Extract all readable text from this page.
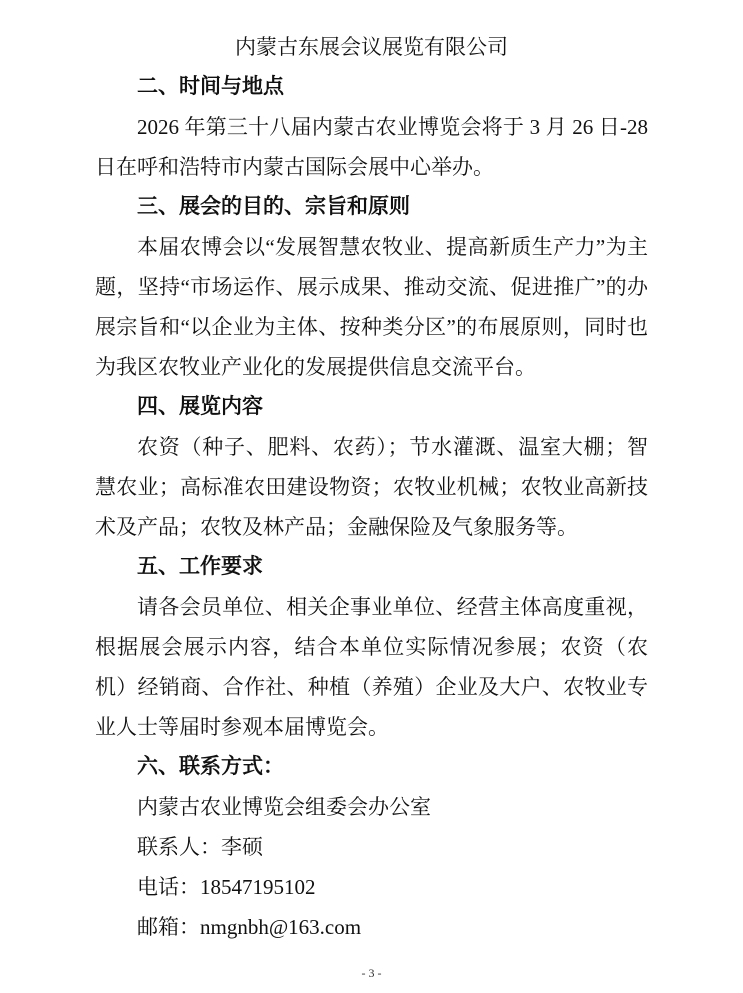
内蒙古东展会议展览有限公司

二、时间与地点

2026 年第三十八届内蒙古农业博览会将于 3 月 26 日-28 日在呼和浩特市内蒙古国际会展中心举办。

三、展会的目的、宗旨和原则

本届农博会以“发展智慧农牧业、提高新质生产力”为主题，坚持“市场运作、展示成果、推动交流、促进推广”的办展宗旨和“以企业为主体、按种类分区”的布展原则，同时也为我区农牧业产业化的发展提供信息交流平台。

四、展览内容

农资（种子、肥料、农药）；节水灌溉、温室大棚；智慧农业；高标准农田建设物资；农牧业机械；农牧业高新技术及产品；农牧及林产品；金融保险及气象服务等。

五、工作要求

请各会员单位、相关企事业单位、经营主体高度重视，根据展会展示内容，结合本单位实际情况参展；农资（农机）经销商、合作社、种植（养殖）企业及大户、农牧业专业人士等届时参观本届博览会。

六、联系方式：

内蒙古农业博览会组委会办公室

联系人：李硕

电话：18547195102

邮箱：nmgnbh@163.com

- 3 -
